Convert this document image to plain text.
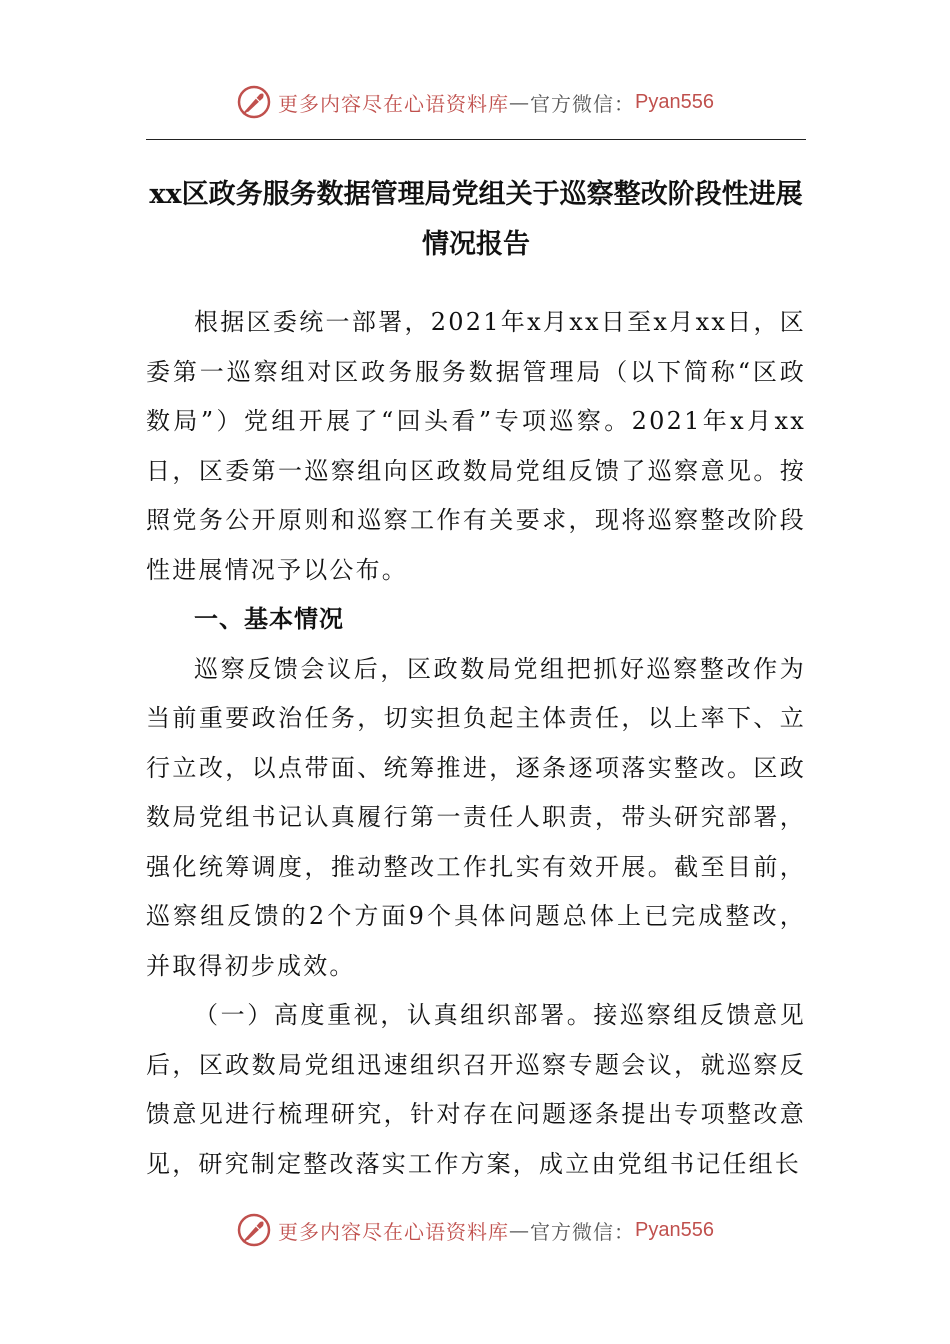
更多内容尽在心语资料库 — 官方微信： Pyan556
xx区政务服务数据管理局党组关于巡察整改阶段性进展情况报告

根据区委统一部署，2021年x月xx日至x月xx日，区委第一巡察组对区政务服务数据管理局（以下简称“区政数局”）党组开展了“回头看”专项巡察。2021年x月xx日，区委第一巡察组向区政数局党组反馈了巡察意见。按照党务公开原则和巡察工作有关要求，现将巡察整改阶段性进展情况予以公布。

一、基本情况

巡察反馈会议后，区政数局党组把抓好巡察整改作为当前重要政治任务，切实担负起主体责任，以上率下、立行立改，以点带面、统筹推进，逐条逐项落实整改。区政数局党组书记认真履行第一责任人职责，带头研究部署，强化统筹调度，推动整改工作扎实有效开展。截至目前，巡察组反馈的2个方面9个具体问题总体上已完成整改，并取得初步成效。

（一）高度重视，认真组织部署。接巡察组反馈意见后，区政数局党组迅速组织召开巡察专题会议，就巡察反馈意见进行梳理研究，针对存在问题逐条提出专项整改意见，研究制定整改落实工作方案，成立由党组书记任组长

更多内容尽在心语资料库 — 官方微信： Pyan556
